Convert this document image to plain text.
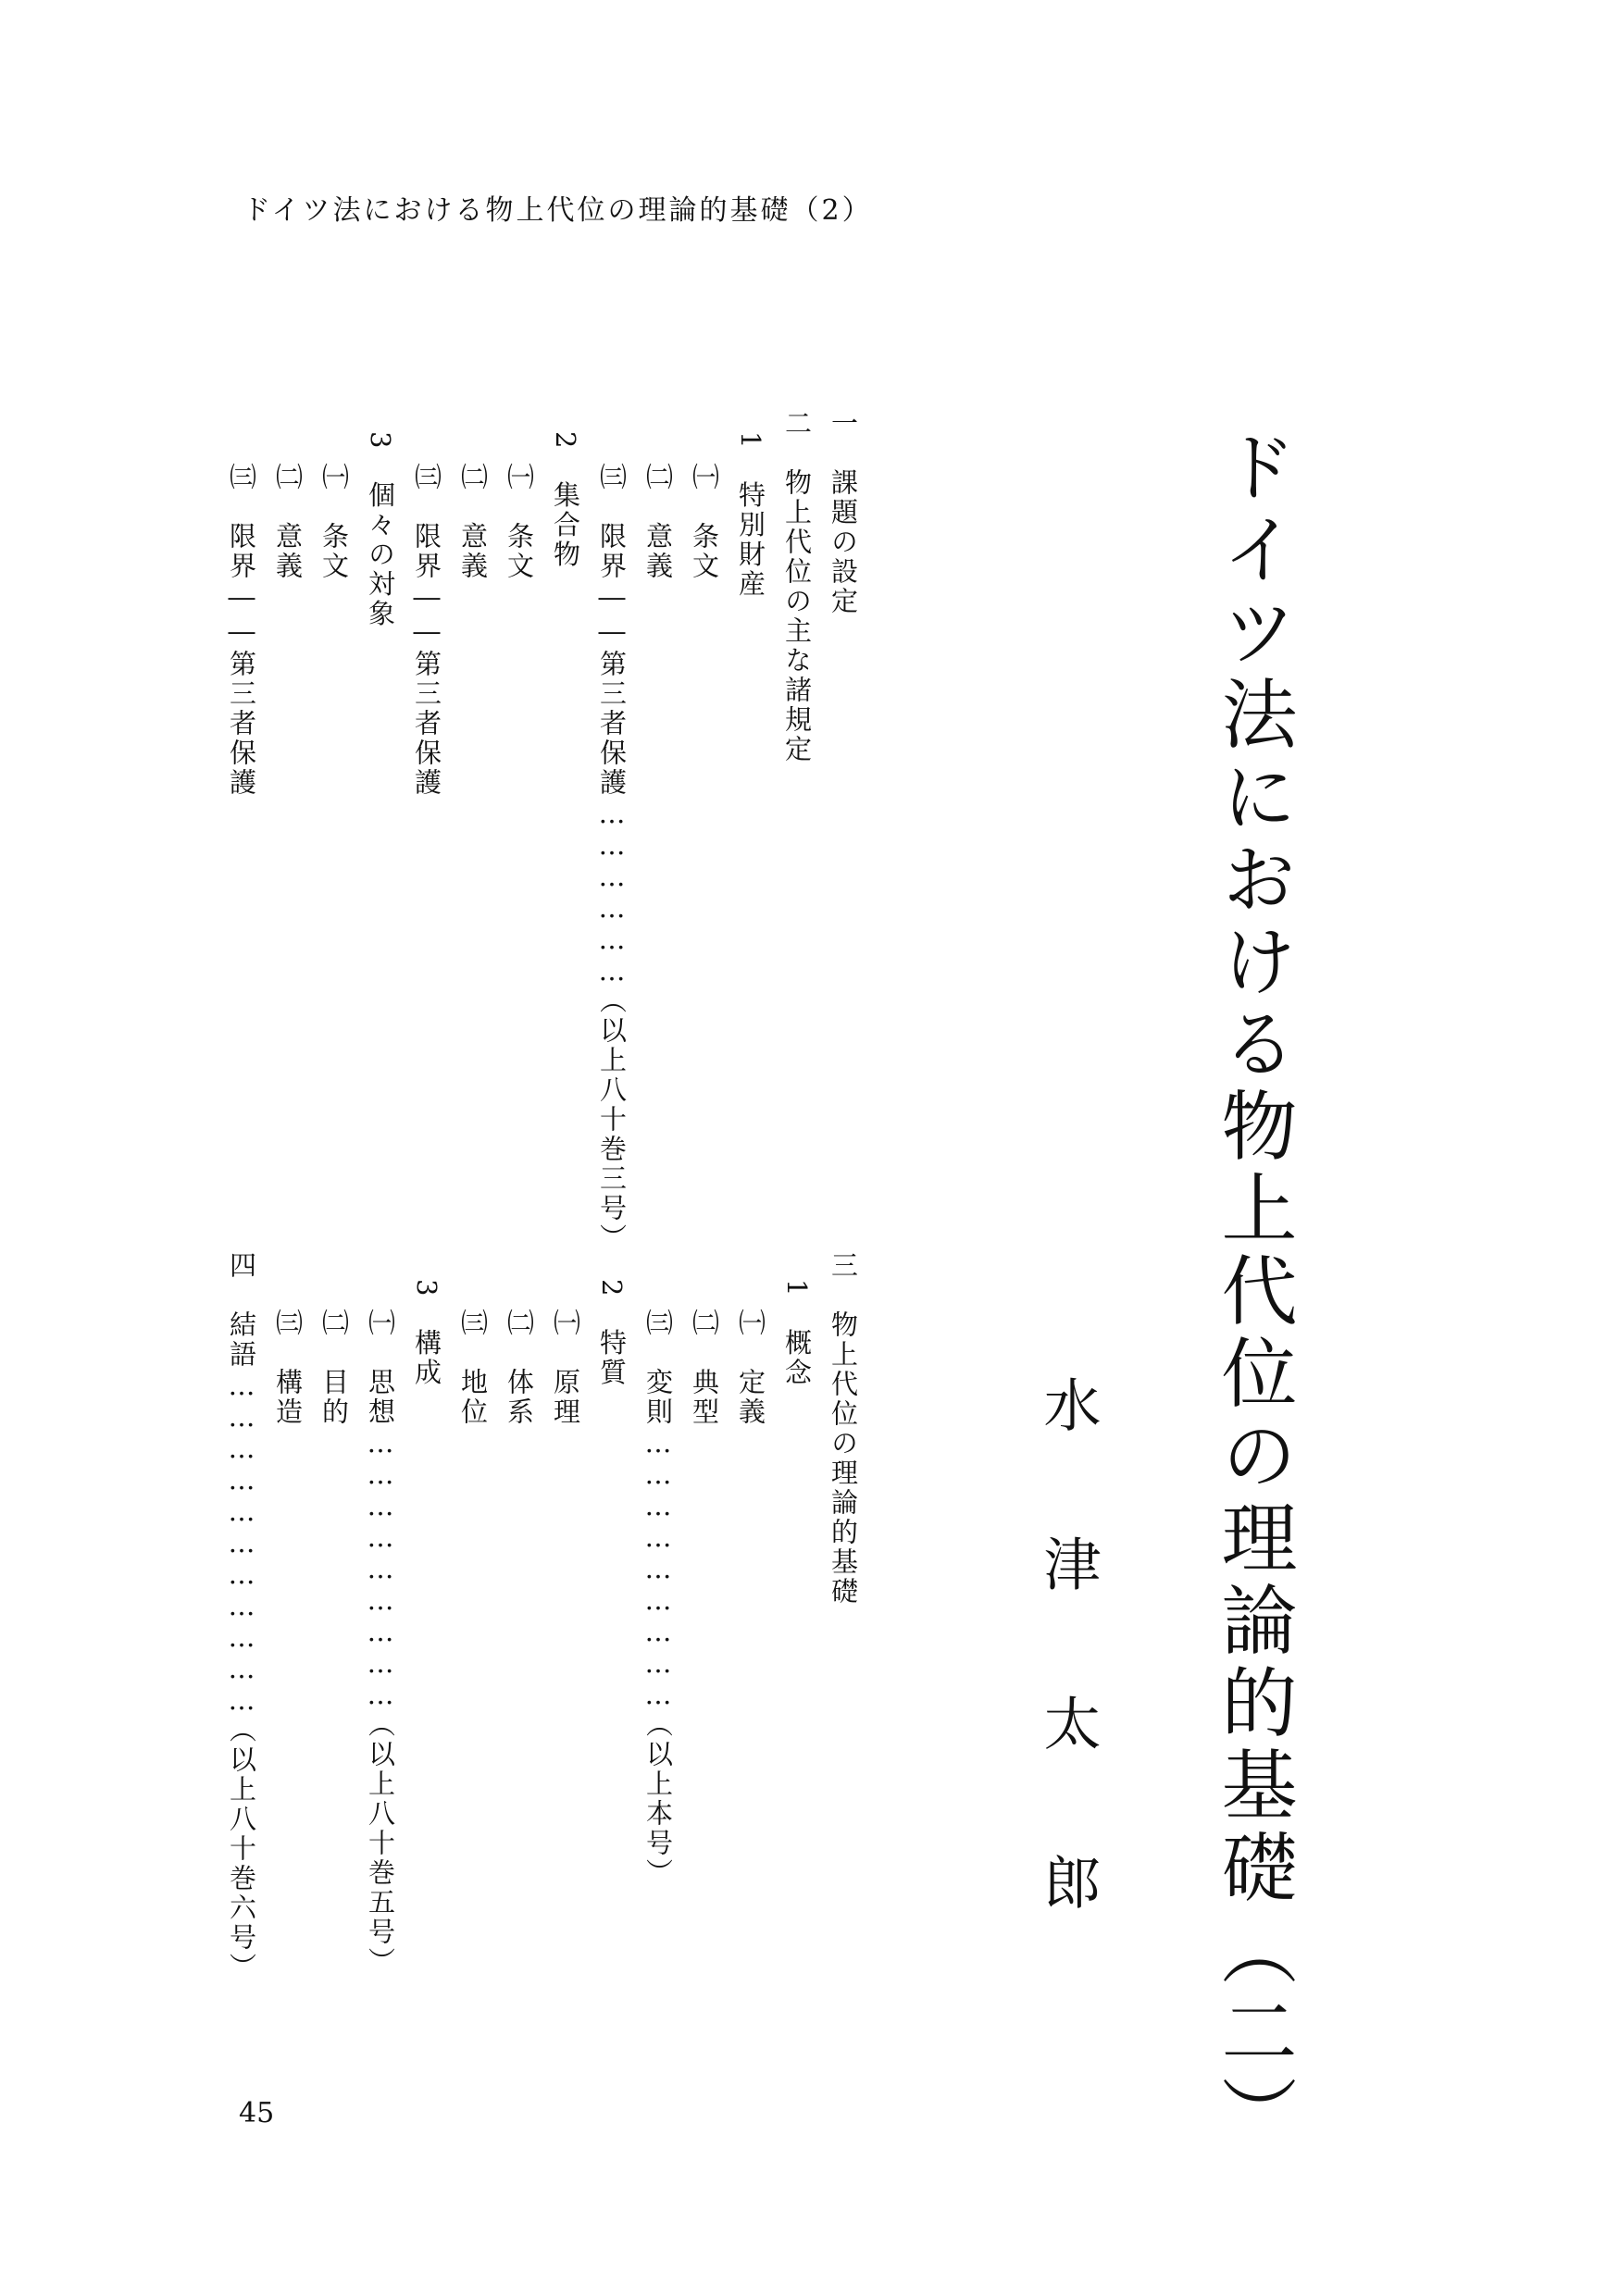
ドイツ法における物上代位の理論的基礎（2）
ドイツ法における物上代位の理論的基礎（二）
水
津
太
郎
一　課題の設定
二　物上代位の主な諸規定
1　特別財産
㈠　条文
㈡　意義
㈢　限界――第三者保護………………（以上八十巻三号）
2　集合物
㈠　条文
㈡　意義
㈢　限界――第三者保護
3　個々の対象
㈠　条文
㈡　意義
㈢　限界――第三者保護
三　物上代位の理論的基礎
1　概念
㈠　定義
㈡　典型
㈢　変則………………………（以上本号）
2　特質
㈠　原理
㈡　体系
㈢　地位
3　構成
㈠　思想………………………（以上八十巻五号）
㈡　目的
㈢　構造
四　結語……………………………（以上八十巻六号）
45
